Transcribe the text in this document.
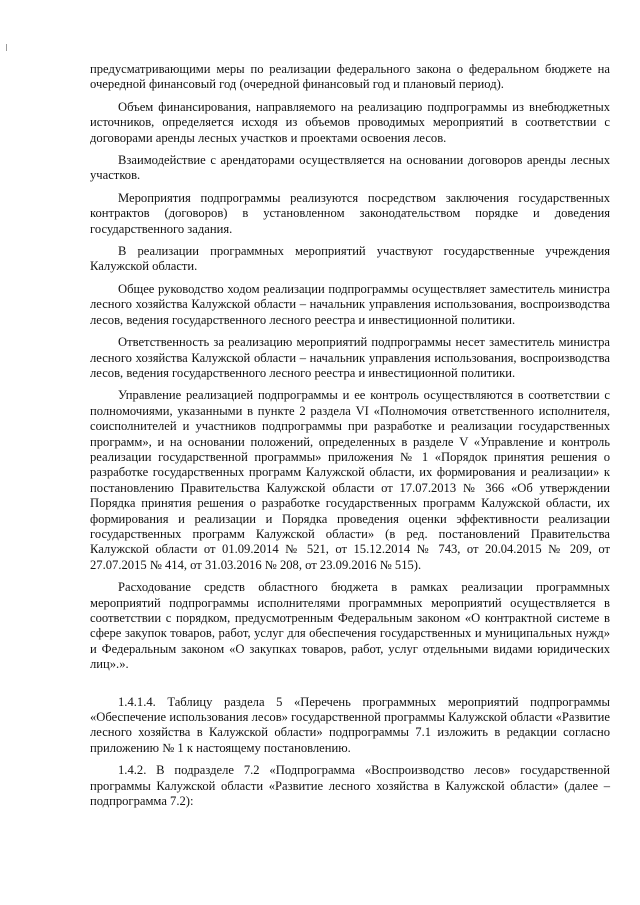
предусматривающими меры по реализации федерального закона о федеральном бюджете на очередной финансовый год (очередной финансовый год и плановый период).

Объем финансирования, направляемого на реализацию подпрограммы из внебюджетных источников, определяется исходя из объемов проводимых мероприятий в соответствии с договорами аренды лесных участков и проектами освоения лесов.

Взаимодействие с арендаторами осуществляется на основании договоров аренды лесных участков.

Мероприятия подпрограммы реализуются посредством заключения государственных контрактов (договоров) в установленном законодательством порядке и доведения государственного задания.

В реализации программных мероприятий участвуют государственные учреждения Калужской области.

Общее руководство ходом реализации подпрограммы осуществляет заместитель министра лесного хозяйства Калужской области – начальник управления использования, воспроизводства лесов, ведения государственного лесного реестра и инвестиционной политики.

Ответственность за реализацию мероприятий подпрограммы несет заместитель министра лесного хозяйства Калужской области – начальник управления использования, воспроизводства лесов, ведения государственного лесного реестра и инвестиционной политики.

Управление реализацией подпрограммы и ее контроль осуществляются в соответствии с полномочиями, указанными в пункте 2 раздела VI «Полномочия ответственного исполнителя, соисполнителей и участников подпрограммы при разработке и реализации государственных программ», и на основании положений, определенных в разделе V «Управление и контроль реализации государственной программы» приложения № 1 «Порядок принятия решения о разработке государственных программ Калужской области, их формирования и реализации» к постановлению Правительства Калужской области от 17.07.2013 № 366 «Об утверждении Порядка принятия решения о разработке государственных программ Калужской области, их формирования и реализации и Порядка проведения оценки эффективности реализации государственных программ Калужской области» (в ред. постановлений Правительства Калужской области от 01.09.2014 № 521, от 15.12.2014 № 743, от 20.04.2015 № 209, от 27.07.2015 № 414, от 31.03.2016 № 208, от 23.09.2016 № 515).

Расходование средств областного бюджета в рамках реализации программных мероприятий подпрограммы исполнителями программных мероприятий осуществляется в соответствии с порядком, предусмотренным Федеральным законом «О контрактной системе в сфере закупок товаров, работ, услуг для обеспечения государственных и муниципальных нужд» и Федеральным законом «О закупках товаров, работ, услуг отдельными видами юридических лиц».».

1.4.1.4. Таблицу раздела 5 «Перечень программных мероприятий подпрограммы «Обеспечение использования лесов» государственной программы Калужской области «Развитие лесного хозяйства в Калужской области» подпрограммы 7.1 изложить в редакции согласно приложению № 1 к настоящему постановлению.

1.4.2. В подразделе 7.2 «Подпрограмма «Воспроизводство лесов» государственной программы Калужской области «Развитие лесного хозяйства в Калужской области» (далее – подпрограмма 7.2):
